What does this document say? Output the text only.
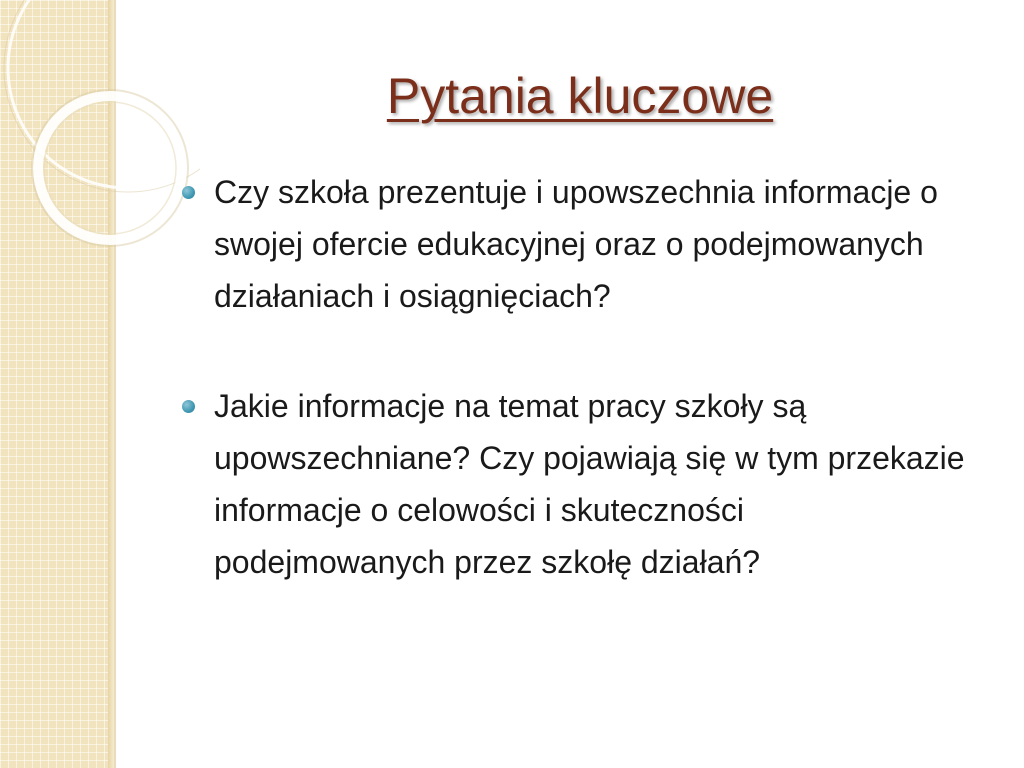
Pytania kluczowe
Czy szkoła prezentuje i upowszechnia informacje o swojej ofercie edukacyjnej oraz o podejmowanych działaniach i osiągnięciach?
Jakie informacje na temat pracy szkoły są upowszechniane? Czy pojawiają się w tym przekazie informacje o celowości i skuteczności podejmowanych przez szkołę działań?
